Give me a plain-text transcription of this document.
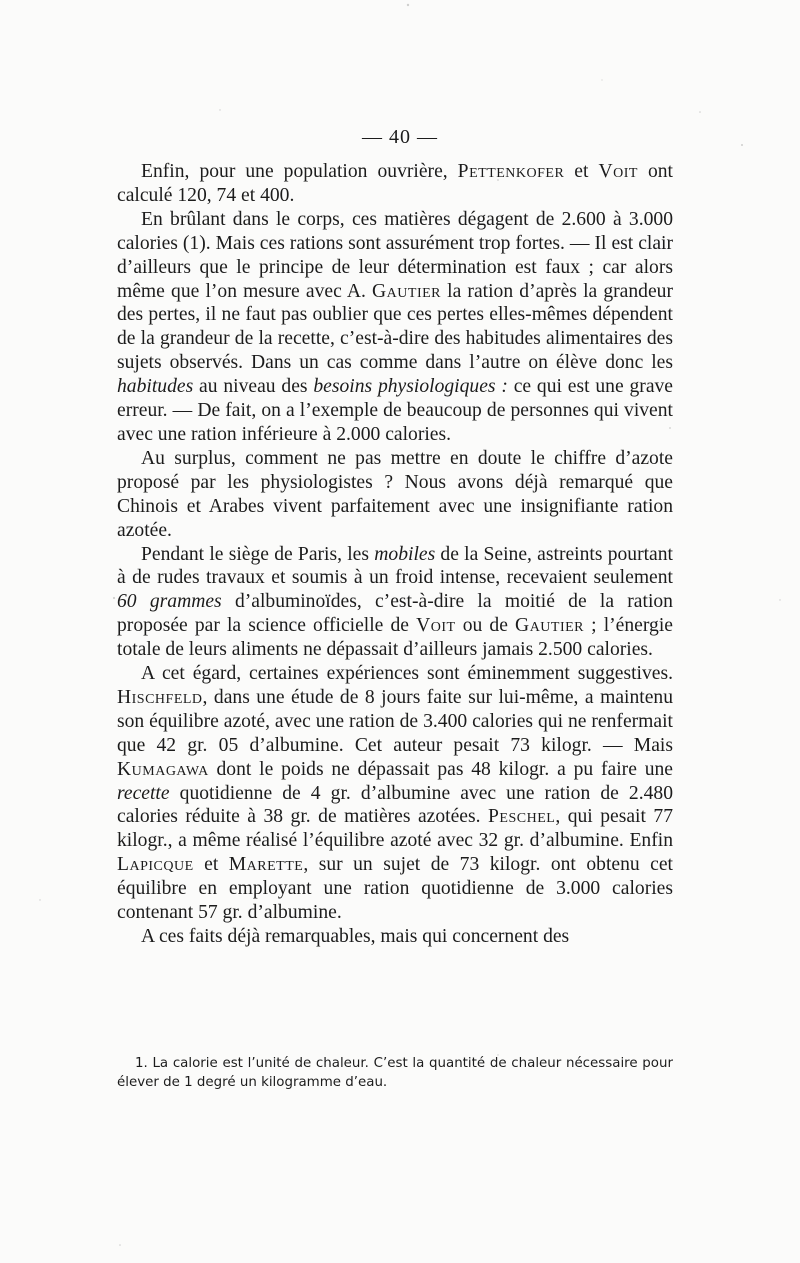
— 40 —

Enfin, pour une population ouvrière, Pettenkofer et Voit ont calculé 120, 74 et 400.

En brûlant dans le corps, ces matières dégagent de 2.600 à 3.000 calories (1). Mais ces rations sont assurément trop fortes. — Il est clair d’ailleurs que le principe de leur détermination est faux ; car alors même que l’on mesure avec A. Gautier la ration d’après la grandeur des pertes, il ne faut pas oublier que ces pertes elles-mêmes dépendent de la grandeur de la recette, c’est-à-dire des habitudes alimentaires des sujets observés. Dans un cas comme dans l’autre on élève donc les habitudes au niveau des besoins physiologiques : ce qui est une grave erreur. — De fait, on a l’exemple de beaucoup de personnes qui vivent avec une ration inférieure à 2.000 calories.

Au surplus, comment ne pas mettre en doute le chiffre d’azote proposé par les physiologistes ? Nous avons déjà remarqué que Chinois et Arabes vivent parfaitement avec une insignifiante ration azotée.

Pendant le siège de Paris, les mobiles de la Seine, astreints pourtant à de rudes travaux et soumis à un froid intense, recevaient seulement 60 grammes d’albuminoïdes, c’est-à-dire la moitié de la ration proposée par la science officielle de Voit ou de Gautier ; l’énergie totale de leurs aliments ne dépassait d’ailleurs jamais 2.500 calories.

A cet égard, certaines expériences sont éminemment suggestives. Hischfeld, dans une étude de 8 jours faite sur lui-même, a maintenu son équilibre azoté, avec une ration de 3.400 calories qui ne renfermait que 42 gr. 05 d’albumine. Cet auteur pesait 73 kilogr. — Mais Kumagawa dont le poids ne dépassait pas 48 kilogr. a pu faire une recette quotidienne de 4 gr. d’albumine avec une ration de 2.480 calories réduite à 38 gr. de matières azotées. Peschel, qui pesait 77 kilogr., a même réalisé l’équilibre azoté avec 32 gr. d’albumine. Enfin Lapicque et Marette, sur un sujet de 73 kilogr. ont obtenu cet équilibre en employant une ration quotidienne de 3.000 calories contenant 57 gr. d’albumine.

A ces faits déjà remarquables, mais qui concernent des

1. La calorie est l’unité de chaleur. C’est la quantité de chaleur nécessaire pour élever de 1 degré un kilogramme d’eau.
